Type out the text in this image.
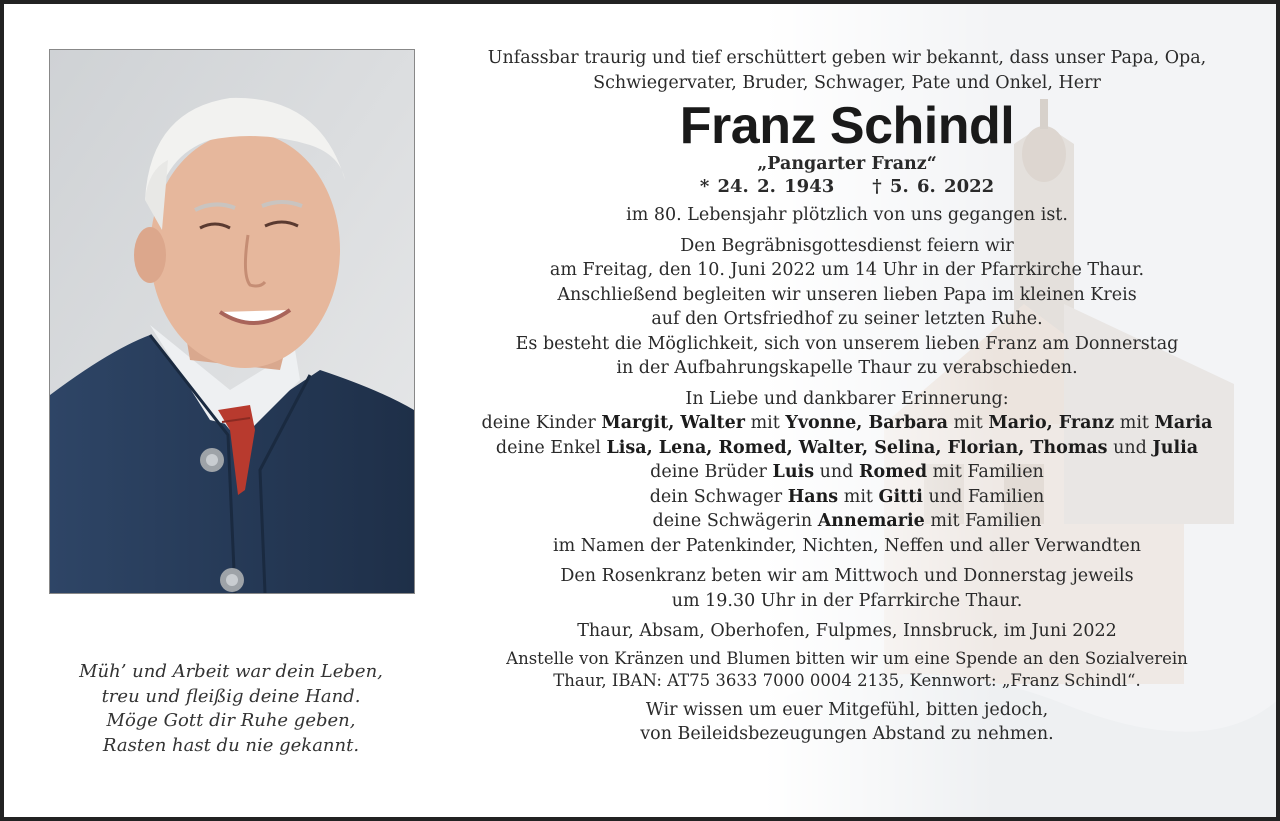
Müh’ und Arbeit war dein Leben,
treu und fleißig deine Hand.
Möge Gott dir Ruhe geben,
Rasten hast du nie gekannt.
Unfassbar traurig und tief erschüttert geben wir bekannt, dass unser Papa, Opa,
Schwiegervater, Bruder, Schwager, Pate und Onkel, Herr
Franz Schindl
„Pangarter Franz“
* 24. 2. 1943 † 5. 6. 2022
im 80. Lebensjahr plötzlich von uns gegangen ist.
Den Begräbnisgottesdienst feiern wir
am Freitag, den 10. Juni 2022 um 14 Uhr in der Pfarrkirche Thaur.
Anschließend begleiten wir unseren lieben Papa im kleinen Kreis
auf den Ortsfriedhof zu seiner letzten Ruhe.
Es besteht die Möglichkeit, sich von unserem lieben Franz am Donnerstag
in der Aufbahrungskapelle Thaur zu verabschieden.
In Liebe und dankbarer Erinnerung:
deine Kinder Margit, Walter mit Yvonne, Barbara mit Mario, Franz mit Maria
deine Enkel Lisa, Lena, Romed, Walter, Selina, Florian, Thomas und Julia
deine Brüder Luis und Romed mit Familien
dein Schwager Hans mit Gitti und Familien
deine Schwägerin Annemarie mit Familien
im Namen der Patenkinder, Nichten, Neffen und aller Verwandten
Den Rosenkranz beten wir am Mittwoch und Donnerstag jeweils
um 19.30 Uhr in der Pfarrkirche Thaur.
Thaur, Absam, Oberhofen, Fulpmes, Innsbruck, im Juni 2022
Anstelle von Kränzen und Blumen bitten wir um eine Spende an den Sozialverein
Thaur, IBAN: AT75 3633 7000 0004 2135, Kennwort: „Franz Schindl“.
Wir wissen um euer Mitgefühl, bitten jedoch,
von Beileidsbezeugungen Abstand zu nehmen.
